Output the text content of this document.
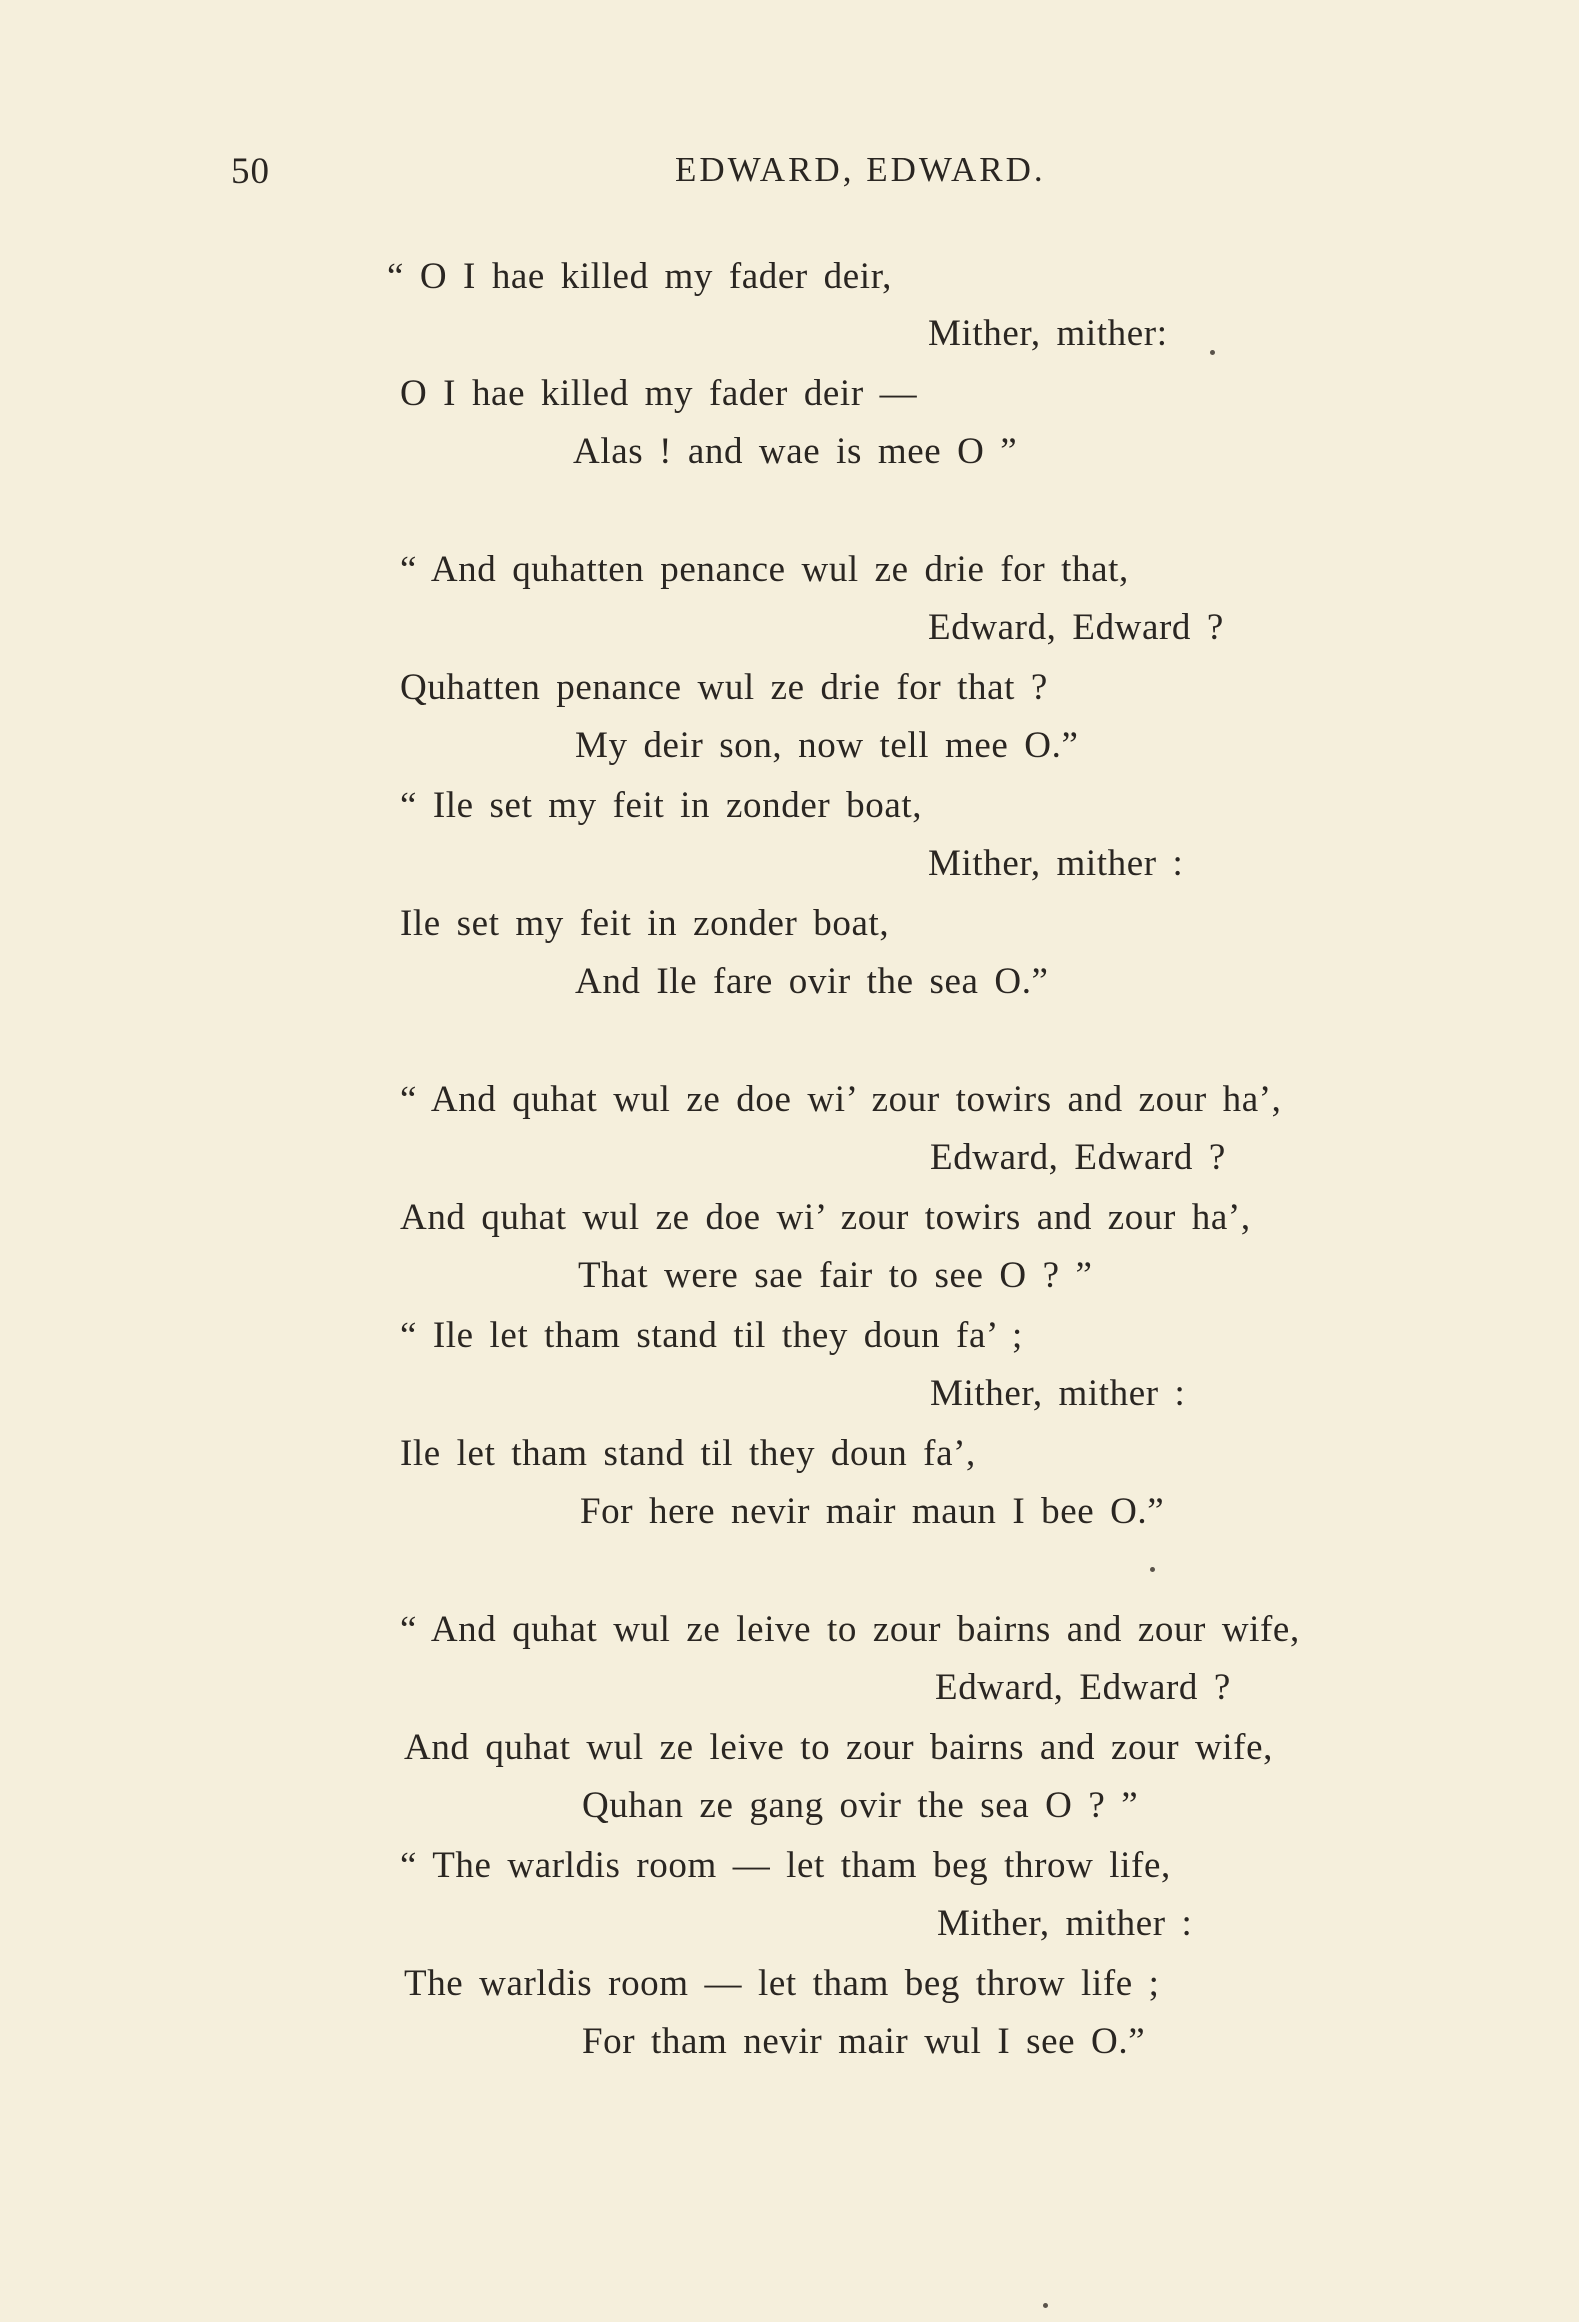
50	EDWARD, EDWARD.
“ O I hae killed my fader deir,
Mither, mither:
O I hae killed my fader deir —
Alas ! and wae is mee O ”
“ And quhatten penance wul ze drie for that,
Edward, Edward ?
Quhatten penance wul ze drie for that ?
My deir son, now tell mee O.”
“ Ile set my feit in zonder boat,
Mither, mither :
Ile set my feit in zonder boat,
And Ile fare ovir the sea O.”
“ And quhat wul ze doe wi’ zour towirs and zour ha’,
Edward, Edward ?
And quhat wul ze doe wi’ zour towirs and zour ha’,
That were sae fair to see O ? ”
“ Ile let tham stand til they doun fa’ ;
Mither, mither :
Ile let tham stand til they doun fa’,
For here nevir mair maun I bee O.”
“ And quhat wul ze leive to zour bairns and zour wife,
Edward, Edward ?
And quhat wul ze leive to zour bairns and zour wife,
Quhan ze gang ovir the sea O ? ”
“ The warldis room — let tham beg throw life,
Mither, mither :
The warldis room — let tham beg throw life ;
For tham nevir mair wul I see O.”
